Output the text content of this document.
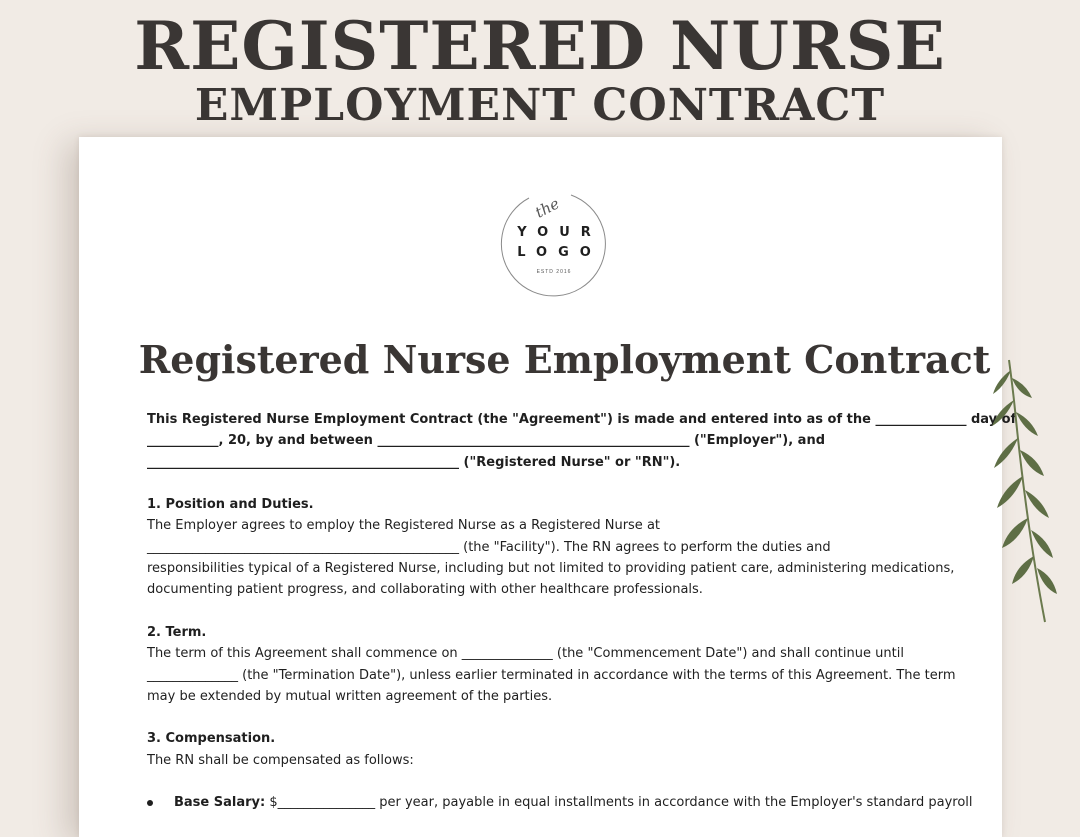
REGISTERED NURSE
EMPLOYMENT CONTRACT
the
YOUR
LOGO
ESTD 2016
Registered Nurse Employment Contract

This Registered Nurse Employment Contract (the "Agreement") is made and entered into as of the ______________ day of

___________, 20, by and between ________________________________________________ ("Employer"), and

________________________________________________ ("Registered Nurse" or "RN").

1. Position and Duties.

The Employer agrees to employ the Registered Nurse as a Registered Nurse at

________________________________________________ (the "Facility"). The RN agrees to perform the duties and

responsibilities typical of a Registered Nurse, including but not limited to providing patient care, administering medications,

documenting patient progress, and collaborating with other healthcare professionals.

2. Term.

The term of this Agreement shall commence on ______________ (the "Commencement Date") and shall continue until

______________ (the "Termination Date"), unless earlier terminated in accordance with the terms of this Agreement. The term

may be extended by mutual written agreement of the parties.

3. Compensation.

The RN shall be compensated as follows:

Base Salary: $_______________ per year, payable in equal installments in accordance with the Employer's standard payroll
